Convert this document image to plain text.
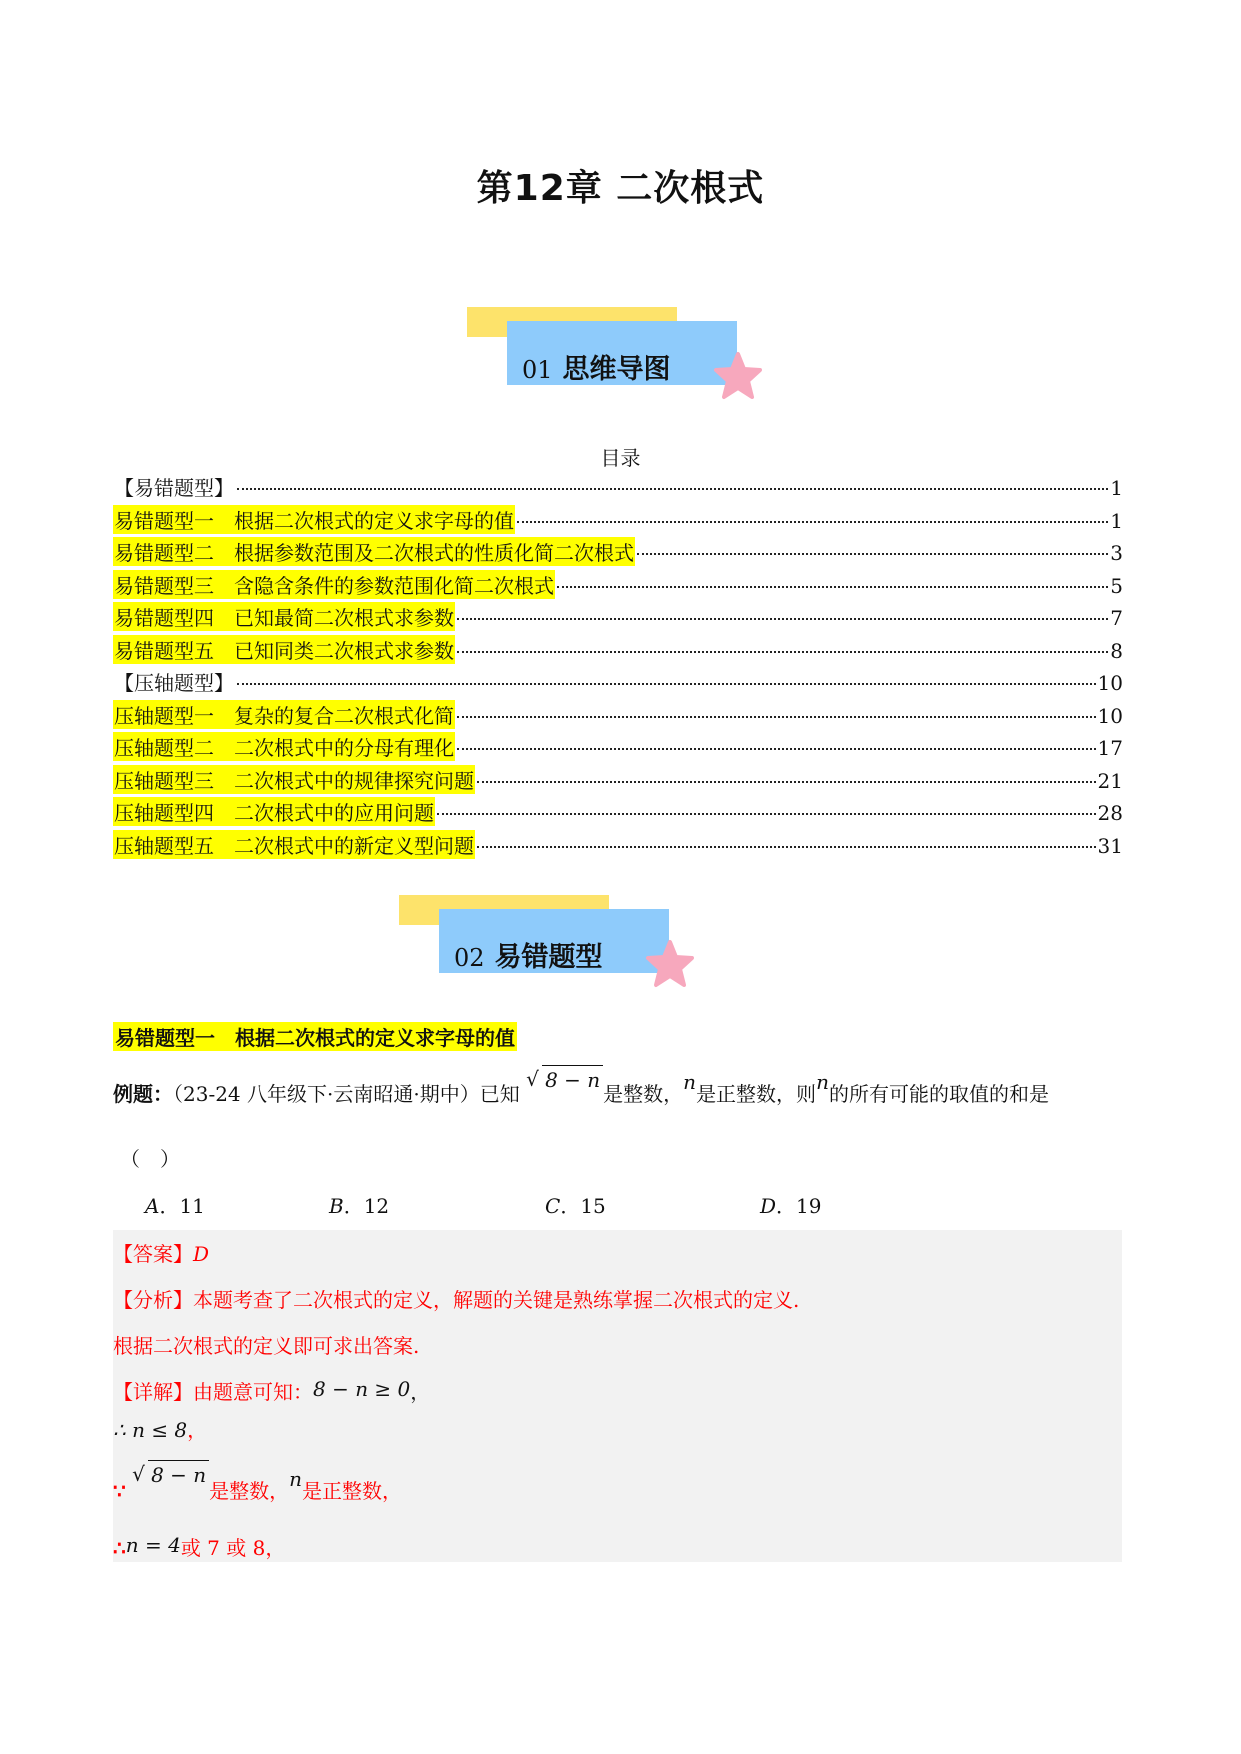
第12章 二次根式
01 思维导图
目录
【易错题型】	1
易错题型一　根据二次根式的定义求字母的值	1
易错题型二　根据参数范围及二次根式的性质化简二次根式	3
易错题型三　含隐含条件的参数范围化简二次根式	5
易错题型四　已知最简二次根式求参数	7
易错题型五　已知同类二次根式求参数	8
【压轴题型】	10
压轴题型一　复杂的复合二次根式化简	10
压轴题型二　二次根式中的分母有理化	17
压轴题型三　二次根式中的规律探究问题	21
压轴题型四　二次根式中的应用问题	28
压轴题型五　二次根式中的新定义型问题	31
02 易错题型
易错题型一　根据二次根式的定义求字母的值
例题：（23-24 八年级下·云南昭通·期中）已知
√ 8 − n是整数，n是正整数，则n的所有可能的取值的和是
（　）
A．11	B．12	C．15	D．19
【答案】D
【分析】本题考查了二次根式的定义，解题的关键是熟练掌握二次根式的定义.
根据二次根式的定义即可求出答案.
【详解】由题意可知：8 − n ≥ 0，
∴ n ≤ 8，
∵
√ 8 − n是整数，n是正整数，
∴n = 4或 7 或 8，
